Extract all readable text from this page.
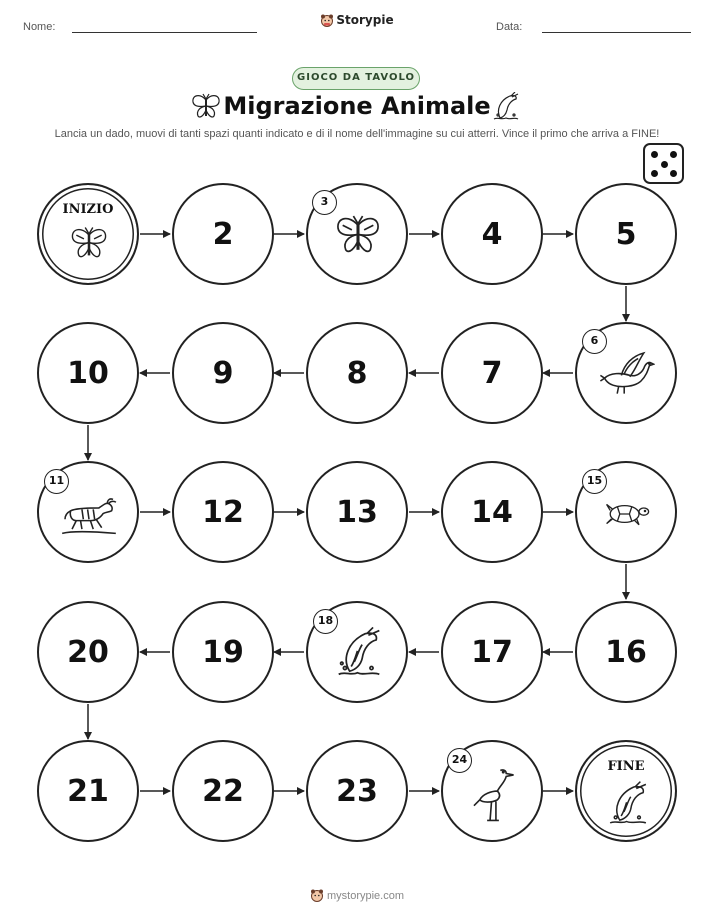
Nome:	Storypie	Data:
GIOCO DA TAVOLO
Migrazione Animale
Lancia un dado, muovi di tanti spazi quanti indicato e di il nome dell'immagine su cui atterri. Vince il primo che arriva a FINE!
INIZIO
2
3
4	5
10	9	8	7
6
11
12	13	14
15
20	19
18
17	16
21	22	23
24	FINE
mystorypie.com
